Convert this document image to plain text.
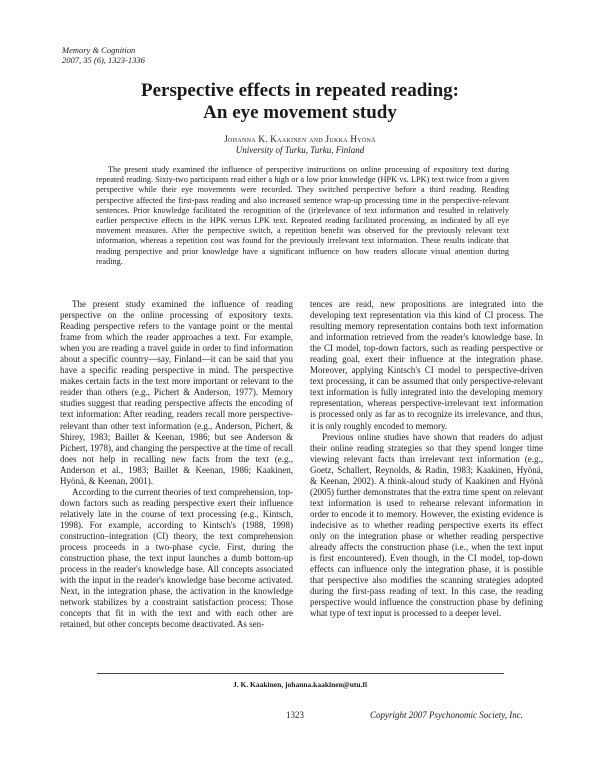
Memory & Cognition
2007, 35 (6), 1323-1336
Perspective effects in repeated reading:
An eye movement study
Johanna K. Kaakinen and Jukka Hyönä
University of Turku, Turku, Finland
The present study examined the influence of perspective instructions on online processing of expository text during repeated reading. Sixty-two participants read either a high or a low prior knowledge (HPK vs. LPK) text twice from a given perspective while their eye movements were recorded. They switched perspective before a third reading. Reading perspective affected the first-pass reading and also increased sentence wrap-up processing time in the perspective-relevant sentences. Prior knowledge facilitated the recognition of the (ir)relevance of text information and resulted in relatively earlier perspective effects in the HPK versus LPK text. Repeated reading facilitated processing, as indicated by all eye movement measures. After the perspective switch, a repetition benefit was observed for the previously relevant text information, whereas a repetition cost was found for the previously irrelevant text information. These results indicate that reading perspective and prior knowledge have a significant influence on how readers allocate visual attention during reading.

The present study examined the influence of reading perspective on the online processing of expository texts. Reading perspective refers to the vantage point or the mental frame from which the reader approaches a text. For example, when you are reading a travel guide in order to find information about a specific country—say, Finland—it can be said that you have a specific reading perspective in mind. The perspective makes certain facts in the text more important or relevant to the reader than others (e.g., Pichert & Anderson, 1977). Memory studies suggest that reading perspective affects the encoding of text information: After reading, readers recall more perspective-relevant than other text information (e.g., Anderson, Pichert, & Shirey, 1983; Baillet & Keenan, 1986; but see Anderson & Pichert, 1978), and changing the perspective at the time of recall does not help in recalling new facts from the text (e.g., Anderson et al., 1983; Baillet & Keenan, 1986; Kaakinen, Hyönä, & Keenan, 2001).

According to the current theories of text comprehension, top-down factors such as reading perspective exert their influence relatively late in the course of text processing (e.g., Kintsch, 1998). For example, according to Kintsch's (1988, 1998) construction–integration (CI) theory, the text comprehension process proceeds in a two-phase cycle. First, during the construction phase, the text input launches a dumb bottom-up process in the reader's knowledge base. All concepts associated with the input in the reader's knowledge base become activated. Next, in the integration phase, the activation in the knowledge network stabilizes by a constraint satisfaction process: Those concepts that fit in with the text and with each other are retained, but other concepts become deactivated. As sen-

tences are read, new propositions are integrated into the developing text representation via this kind of CI process. The resulting memory representation contains both text information and information retrieved from the reader's knowledge base. In the CI model, top-down factors, such as reading perspective or reading goal, exert their influence at the integration phase. Moreover, applying Kintsch's CI model to perspective-driven text processing, it can be assumed that only perspective-relevant text information is fully integrated into the developing memory representation, whereas perspective-irrelevant text information is processed only as far as to recognize its irrelevance, and thus, it is only roughly encoded to memory.

Previous online studies have shown that readers do adjust their online reading strategies so that they spend longer time viewing relevant facts than irrelevant text information (e.g., Goetz, Schallert, Reynolds, & Radin, 1983; Kaakinen, Hyönä, & Keenan, 2002). A think-aloud study of Kaakinen and Hyönä (2005) further demonstrates that the extra time spent on relevant text information is used to rehearse relevant information in order to encode it to memory. However, the existing evidence is indecisive as to whether reading perspective exerts its effect only on the integration phase or whether reading perspective already affects the construction phase (i.e., when the text input is first encountered). Even though, in the CI model, top-down effects can influence only the integration phase, it is possible that perspective also modifies the scanning strategies adopted during the first-pass reading of text. In this case, the reading perspective would influence the construction phase by defining what type of text input is processed to a deeper level.

J. K. Kaakinen, johanna.kaakinen@utu.fi
1323	Copyright 2007 Psychonomic Society, Inc.
